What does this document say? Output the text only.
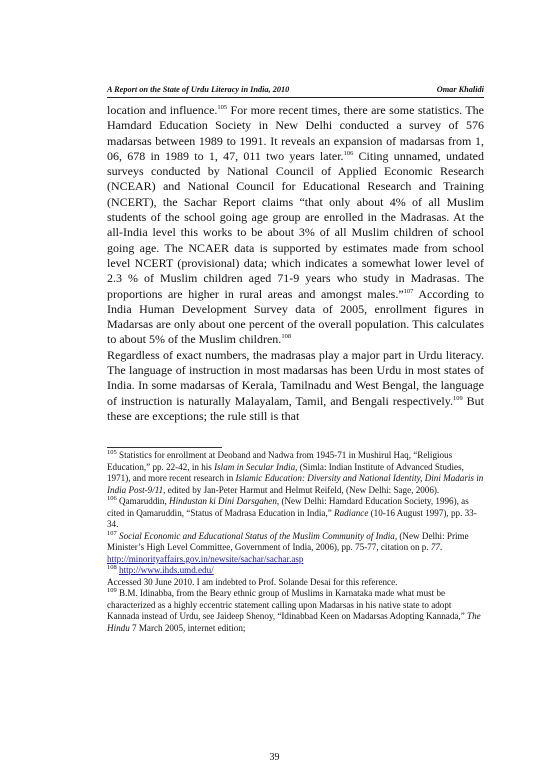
A Report on the State of Urdu Literacy in India, 2010	Omar Khalidi

location and influence.$^{105}$ For more recent times, there are some statistics. The Hamdard Education Society in New Delhi conducted a survey of 576 madarsas between 1989 to 1991. It reveals an expansion of madarsas from 1, 06, 678 in 1989 to 1, 47, 011 two years later.$^{106}$ Citing unnamed, undated surveys conducted by National Council of Applied Economic Research (NCEAR) and National Council for Educational Research and Training (NCERT), the Sachar Report claims “that only about 4% of all Muslim students of the school going age group are enrolled in the Madrasas. At the all-India level this works to be about 3% of all Muslim children of school going age. The NCAER data is supported by estimates made from school level NCERT (provisional) data; which indicates a somewhat lower level of 2.3 % of Muslim children aged 71-9 years who study in Madrasas. The proportions are higher in rural areas and amongst males.”$^{107}$ According to India Human Development Survey data of 2005, enrollment figures in Madarsas are only about one percent of the overall population. This calculates to about 5% of the Muslim children.$^{108}$

Regardless of exact numbers, the madrasas play a major part in Urdu literacy. The language of instruction in most madarsas has been Urdu in most states of India. In some madarsas of Kerala, Tamilnadu and West Bengal, the language of instruction is naturally Malayalam, Tamil, and Bengali respectively.$^{109}$ But these are exceptions; the rule still is that

$^{105}$ Statistics for enrollment at Deoband and Nadwa from 1945-71 in Mushirul Haq, “Religious Education,” pp. 22-42, in his Islam in Secular India, (Simla: Indian Institute of Advanced Studies, 1971), and more recent research in Islamic Education: Diversity and National Identity, Dini Madaris in India Post-9/11, edited by Jan-Peter Harmut and Helmut Reifeld, (New Delhi: Sage, 2006).

$^{106}$ Qamaruddin, Hindustan ki Dini Darsgahen, (New Delhi: Hamdard Education Society, 1996), as cited in Qamaruddin, “Status of Madrasa Education in India,” Radiance (10-16 August 1997), pp. 33-34.

$^{107}$ Social Economic and Educational Status of the Muslim Community of India, (New Delhi: Prime Minister’s High Level Committee, Government of India, 2006), pp. 75-77, citation on p. 77.

http://minorityaffairs.gov.in/newsite/sachar/sachar.asp

$^{108}$ http://www.ihds.umd.edu/

Accessed 30 June 2010. I am indebted to Prof. Solande Desai for this reference.

$^{109}$ B.M. Idinabba, from the Beary ethnic group of Muslims in Karnataka made what must be characterized as a highly eccentric statement calling upon Madarsas in his native state to adopt Kannada instead of Urdu, see Jaideep Shenoy, “Idinabbad Keen on Madarsas Adopting Kannada,” The Hindu 7 March 2005, internet edition;

39
